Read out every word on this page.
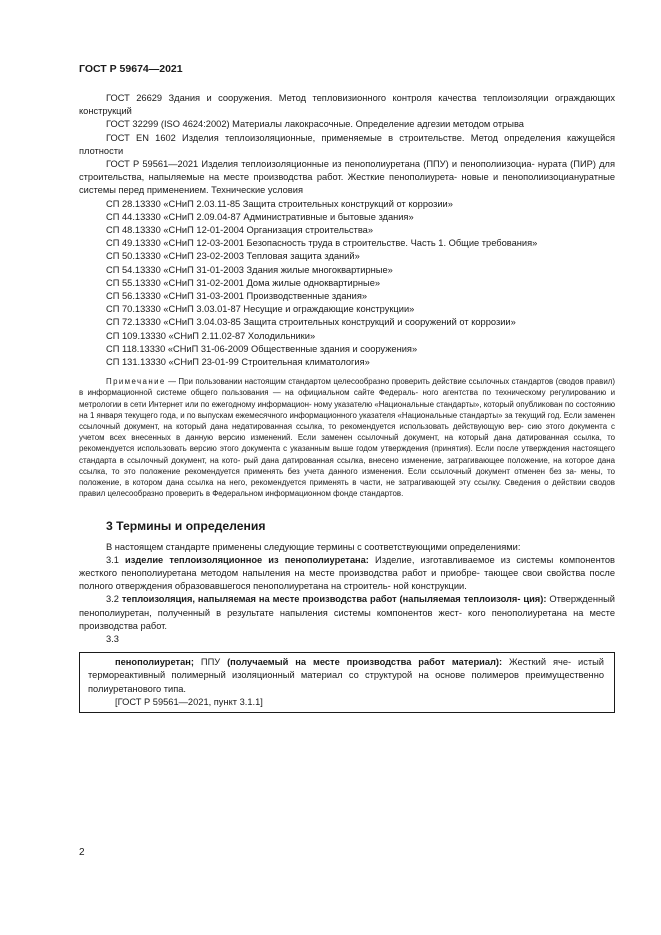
ГОСТ Р 59674—2021

ГОСТ 26629 Здания и сооружения. Метод тепловизионного контроля качества теплоизоляции ограждающих конструкций

ГОСТ 32299 (ISO 4624:2002) Материалы лакокрасочные. Определение адгезии методом отрыва

ГОСТ EN 1602 Изделия теплоизоляционные, применяемые в строительстве. Метод определения кажущейся плотности

ГОСТ Р 59561—2021 Изделия теплоизоляционные из пенополиуретана (ППУ) и пенополиизоциа- нурата (ПИР) для строительства, напыляемые на месте производства работ. Жесткие пенополиурета- новые и пенополиизоциануратные системы перед применением. Технические условия

СП 28.13330 «СНиП 2.03.11-85 Защита строительных конструкций от коррозии»

СП 44.13330 «СНиП 2.09.04-87 Административные и бытовые здания»

СП 48.13330 «СНиП 12-01-2004 Организация строительства»

СП 49.13330 «СНиП 12-03-2001 Безопасность труда в строительстве. Часть 1. Общие требования»

СП 50.13330 «СНиП 23-02-2003 Тепловая защита зданий»

СП 54.13330 «СНиП 31-01-2003 Здания жилые многоквартирные»

СП 55.13330 «СНиП 31-02-2001 Дома жилые одноквартирные»

СП 56.13330 «СНиП 31-03-2001 Производственные здания»

СП 70.13330 «СНиП 3.03.01-87 Несущие и ограждающие конструкции»

СП 72.13330 «СНиП 3.04.03-85 Защита строительных конструкций и сооружений от коррозии»

СП 109.13330 «СНиП 2.11.02-87 Холодильники»

СП 118.13330 «СНиП 31-06-2009 Общественные здания и сооружения»

СП 131.13330 «СНиП 23-01-99 Строительная климатология»

Примечание — При пользовании настоящим стандартом целесообразно проверить действие ссылочных стандартов (сводов правил) в информационной системе общего пользования — на официальном сайте Федераль- ного агентства по техническому регулированию и метрологии в сети Интернет или по ежегодному информацион- ному указателю «Национальные стандарты», который опубликован по состоянию на 1 января текущего года, и по выпускам ежемесячного информационного указателя «Национальные стандарты» за текущий год. Если заменен ссылочный документ, на который дана недатированная ссылка, то рекомендуется использовать действующую вер- сию этого документа с учетом всех внесенных в данную версию изменений. Если заменен ссылочный документ, на который дана датированная ссылка, то рекомендуется использовать версию этого документа с указанным выше годом утверждения (принятия). Если после утверждения настоящего стандарта в ссылочный документ, на кото- рый дана датированная ссылка, внесено изменение, затрагивающее положение, на которое дана ссылка, то это положение рекомендуется применять без учета данного изменения. Если ссылочный документ отменен без за- мены, то положение, в котором дана ссылка на него, рекомендуется применять в части, не затрагивающей эту ссылку. Сведения о действии сводов правил целесообразно проверить в Федеральном информационном фонде стандартов.

3 Термины и определения

В настоящем стандарте применены следующие термины с соответствующими определениями:

3.1 изделие теплоизоляционное из пенополиуретана: Изделие, изготавливаемое из системы компонентов жесткого пенополиуретана методом напыления на месте производства работ и приобре- тающее свои свойства после полного отверждения образовавшегося пенополиуретана на строитель- ной конструкции.

3.2 теплоизоляция, напыляемая на месте производства работ (напыляемая теплоизоля- ция): Отвержденный пенополиуретан, полученный в результате напыления системы компонентов жест- кого пенополиуретана на месте производства работ.

3.3

пенополиуретан; ППУ (получаемый на месте производства работ материал): Жесткий яче- истый термореактивный полимерный изоляционный материал со структурой на основе полимеров преимущественно полиуретанового типа.

[ГОСТ Р 59561—2021, пункт 3.1.1]

2
